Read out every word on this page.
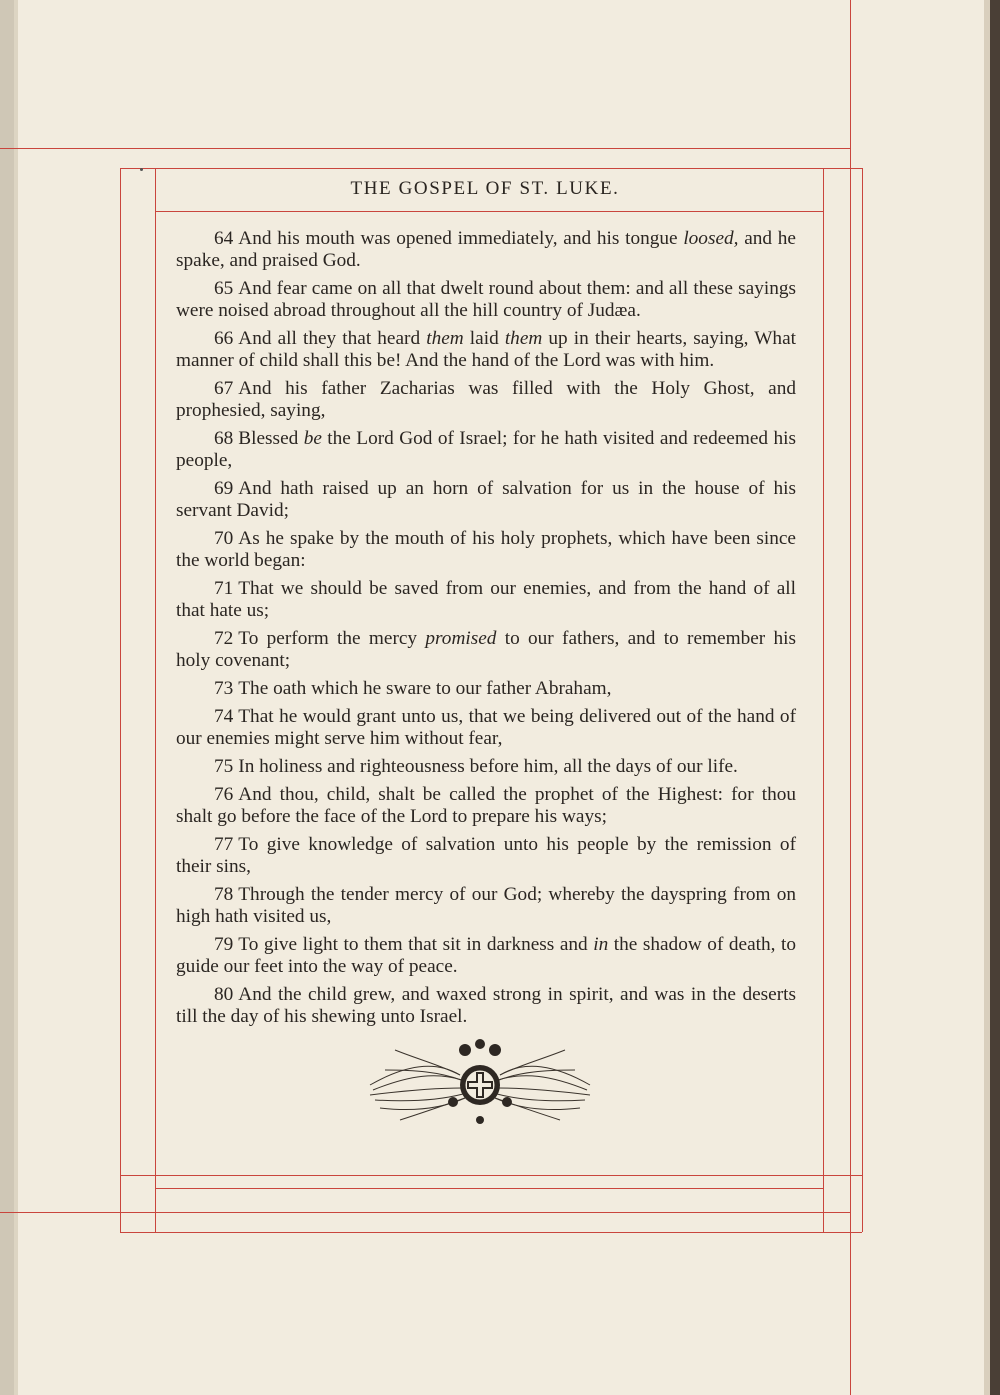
THE GOSPEL OF ST. LUKE.

64 And his mouth was opened immediately, and his tongue loosed, and he spake, and praised God.

65 And fear came on all that dwelt round about them: and all these sayings were noised abroad throughout all the hill country of Judæa.

66 And all they that heard them laid them up in their hearts, saying, What manner of child shall this be! And the hand of the Lord was with him.

67 And his father Zacharias was filled with the Holy Ghost, and prophesied, saying,

68 Blessed be the Lord God of Israel; for he hath visited and redeemed his people,

69 And hath raised up an horn of salvation for us in the house of his servant David;

70 As he spake by the mouth of his holy prophets, which have been since the world began:

71 That we should be saved from our enemies, and from the hand of all that hate us;

72 To perform the mercy promised to our fathers, and to remember his holy covenant;

73 The oath which he sware to our father Abraham,

74 That he would grant unto us, that we being delivered out of the hand of our enemies might serve him without fear,

75 In holiness and righteousness before him, all the days of our life.

76 And thou, child, shalt be called the prophet of the Highest: for thou shalt go before the face of the Lord to prepare his ways;

77 To give knowledge of salvation unto his people by the remission of their sins,

78 Through the tender mercy of our God; whereby the dayspring from on high hath visited us,

79 To give light to them that sit in darkness and in the shadow of death, to guide our feet into the way of peace.

80 And the child grew, and waxed strong in spirit, and was in the deserts till the day of his shewing unto Israel.
